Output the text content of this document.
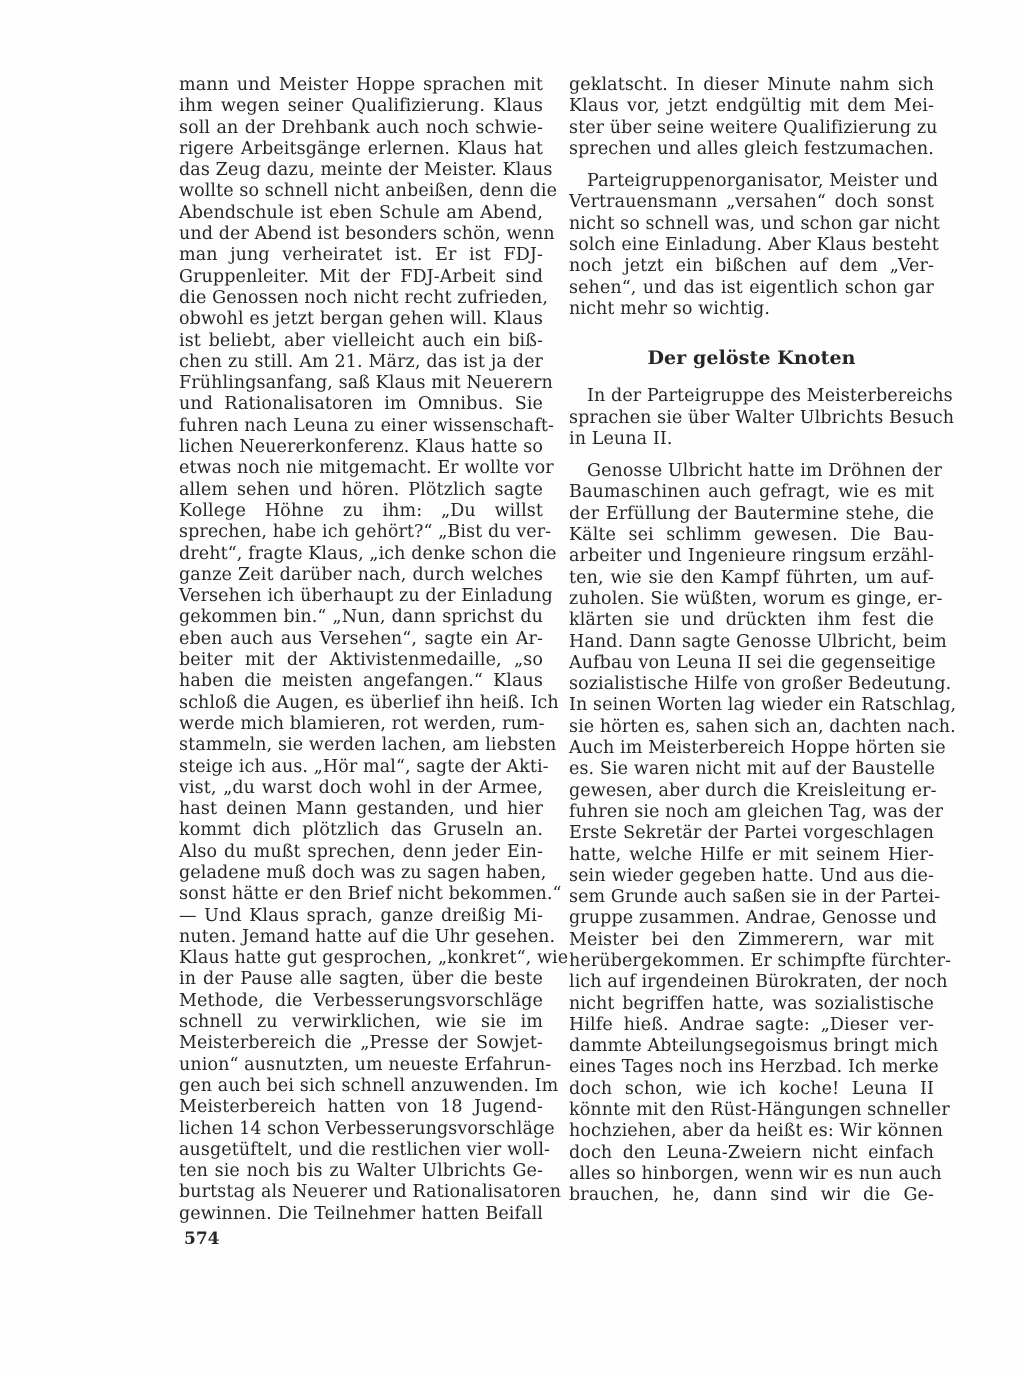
mann und Meister Hoppe sprachen mit
ihm wegen seiner Qualifizierung. Klaus
soll an der Drehbank auch noch schwie-
rigere Arbeitsgänge erlernen. Klaus hat
das Zeug dazu, meinte der Meister. Klaus
wollte so schnell nicht anbeißen, denn die
Abendschule ist eben Schule am Abend,
und der Abend ist besonders schön, wenn
man jung verheiratet ist. Er ist FDJ-
Gruppenleiter. Mit der FDJ-Arbeit sind
die Genossen noch nicht recht zufrieden,
obwohl es jetzt bergan gehen will. Klaus
ist beliebt, aber vielleicht auch ein biß-
chen zu still. Am 21. März, das ist ja der
Frühlingsanfang, saß Klaus mit Neuerern
und Rationalisatoren im Omnibus. Sie
fuhren nach Leuna zu einer wissenschaft-
lichen Neuererkonferenz. Klaus hatte so
etwas noch nie mitgemacht. Er wollte vor
allem sehen und hören. Plötzlich sagte
Kollege Höhne zu ihm: „Du willst
sprechen, habe ich gehört?“ „Bist du ver-
dreht“, fragte Klaus, „ich denke schon die
ganze Zeit darüber nach, durch welches
Versehen ich überhaupt zu der Einladung
gekommen bin.“ „Nun, dann sprichst du
eben auch aus Versehen“, sagte ein Ar-
beiter mit der Aktivistenmedaille, „so
haben die meisten angefangen.“ Klaus
schloß die Augen, es überlief ihn heiß. Ich
werde mich blamieren, rot werden, rum-
stammeln, sie werden lachen, am liebsten
steige ich aus. „Hör mal“, sagte der Akti-
vist, „du warst doch wohl in der Armee,
hast deinen Mann gestanden, und hier
kommt dich plötzlich das Gruseln an.
Also du mußt sprechen, denn jeder Ein-
geladene muß doch was zu sagen haben,
sonst hätte er den Brief nicht bekommen.“
— Und Klaus sprach, ganze dreißig Mi-
nuten. Jemand hatte auf die Uhr gesehen.
Klaus hatte gut gesprochen, „konkret“, wie
in der Pause alle sagten, über die beste
Methode, die Verbesserungsvorschläge
schnell zu verwirklichen, wie sie im
Meisterbereich die „Presse der Sowjet-
union“ ausnutzten, um neueste Erfahrun-
gen auch bei sich schnell anzuwenden. Im
Meisterbereich hatten von 18 Jugend-
lichen 14 schon Verbesserungsvorschläge
ausgetüftelt, und die restlichen vier woll-
ten sie noch bis zu Walter Ulbrichts Ge-
burtstag als Neuerer und Rationalisatoren
gewinnen. Die Teilnehmer hatten Beifall
geklatscht. In dieser Minute nahm sich
Klaus vor, jetzt endgültig mit dem Mei-
ster über seine weitere Qualifizierung zu
sprechen und alles gleich festzumachen.
Parteigruppenorganisator, Meister und
Vertrauensmann „versahen“ doch sonst
nicht so schnell was, und schon gar nicht
solch eine Einladung. Aber Klaus besteht
noch jetzt ein bißchen auf dem „Ver-
sehen“, und das ist eigentlich schon gar
nicht mehr so wichtig.
Der gelöste Knoten
In der Parteigruppe des Meisterbereichs
sprachen sie über Walter Ulbrichts Besuch
in Leuna II.
Genosse Ulbricht hatte im Dröhnen der
Baumaschinen auch gefragt, wie es mit
der Erfüllung der Bautermine stehe, die
Kälte sei schlimm gewesen. Die Bau-
arbeiter und Ingenieure ringsum erzähl-
ten, wie sie den Kampf führten, um auf-
zuholen. Sie wüßten, worum es ginge, er-
klärten sie und drückten ihm fest die
Hand. Dann sagte Genosse Ulbricht, beim
Aufbau von Leuna II sei die gegenseitige
sozialistische Hilfe von großer Bedeutung.
In seinen Worten lag wieder ein Ratschlag,
sie hörten es, sahen sich an, dachten nach.
Auch im Meisterbereich Hoppe hörten sie
es. Sie waren nicht mit auf der Baustelle
gewesen, aber durch die Kreisleitung er-
fuhren sie noch am gleichen Tag, was der
Erste Sekretär der Partei vorgeschlagen
hatte, welche Hilfe er mit seinem Hier-
sein wieder gegeben hatte. Und aus die-
sem Grunde auch saßen sie in der Partei-
gruppe zusammen. Andrae, Genosse und
Meister bei den Zimmerern, war mit
herübergekommen. Er schimpfte fürchter-
lich auf irgendeinen Bürokraten, der noch
nicht begriffen hatte, was sozialistische
Hilfe hieß. Andrae sagte: „Dieser ver-
dammte Abteilungsegoismus bringt mich
eines Tages noch ins Herzbad. Ich merke
doch schon, wie ich koche! Leuna II
könnte mit den Rüst-Hängungen schneller
hochziehen, aber da heißt es: Wir können
doch den Leuna-Zweiern nicht einfach
alles so hinborgen, wenn wir es nun auch
brauchen, he, dann sind wir die Ge-
574
